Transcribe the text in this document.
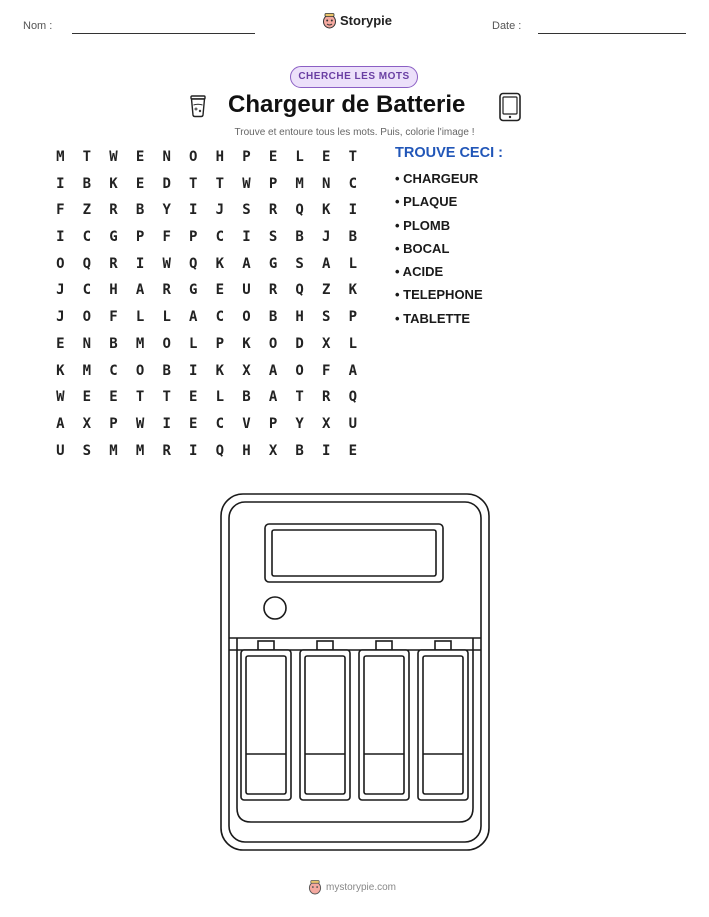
Nom :	Storypie	Date :
CHERCHE LES MOTS
Chargeur de Batterie
Trouve et entoure tous les mots. Puis, colorie l'image !
M	T	W	E	N	O	H	P	E	L	E	T
I	B	K	E	D	T	T	W	P	M	N	C
F	Z	R	B	Y	I	J	S	R	Q	K	I
I	C	G	P	F	P	C	I	S	B	J	B
O	Q	R	I	W	Q	K	A	G	S	A	L
J	C	H	A	R	G	E	U	R	Q	Z	K
J	O	F	L	L	A	C	O	B	H	S	P
E	N	B	M	O	L	P	K	O	D	X	L
K	M	C	O	B	I	K	X	A	O	F	A
W	E	E	T	T	E	L	B	A	T	R	Q
A	X	P	W	I	E	C	V	P	Y	X	U
U	S	M	M	R	I	Q	H	X	B	I	E
TROUVE CECI :
• CHARGEUR
• PLAQUE
• PLOMB
• BOCAL
• ACIDE
• TELEPHONE
• TABLETTE
mystorypie.com
